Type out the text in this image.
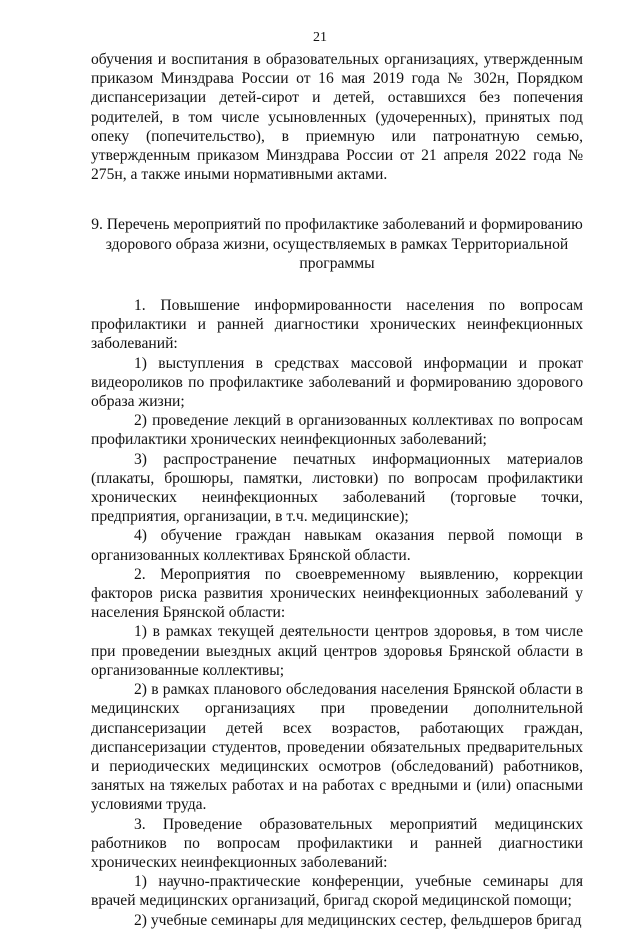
21

обучения и воспитания в образовательных организациях, утвержденным приказом Минздрава России от 16 мая 2019 года № 302н, Порядком диспансеризации детей-сирот и детей, оставшихся без попечения родителей, в том числе усыновленных (удочеренных), принятых под опеку (попечительство), в приемную или патронатную семью, утвержденным приказом Минздрава России от 21 апреля 2022 года № 275н, а также иными нормативными актами.

9. Перечень мероприятий по профилактике заболеваний и формированию
здорового образа жизни, осуществляемых в рамках Территориальной
программы

1. Повышение информированности населения по вопросам профилактики и ранней диагностики хронических неинфекционных заболеваний:

1) выступления в средствах массовой информации и прокат видеороликов по профилактике заболеваний и формированию здорового образа жизни;

2) проведение лекций в организованных коллективах по вопросам профилактики хронических неинфекционных заболеваний;

3) распространение печатных информационных материалов (плакаты, брошюры, памятки, листовки) по вопросам профилактики хронических неинфекционных заболеваний (торговые точки, предприятия, организации, в т.ч. медицинские);

4) обучение граждан навыкам оказания первой помощи в организованных коллективах Брянской области.

2. Мероприятия по своевременному выявлению, коррекции факторов риска развития хронических неинфекционных заболеваний у населения Брянской области:

1) в рамках текущей деятельности центров здоровья, в том числе при проведении выездных акций центров здоровья Брянской области в организованные коллективы;

2) в рамках планового обследования населения Брянской области в медицинских организациях при проведении дополнительной диспансеризации детей всех возрастов, работающих граждан, диспансеризации студентов, проведении обязательных предварительных и периодических медицинских осмотров (обследований) работников, занятых на тяжелых работах и на работах с вредными и (или) опасными условиями труда.

3. Проведение образовательных мероприятий медицинских работников по вопросам профилактики и ранней диагностики хронических неинфекционных заболеваний:

1) научно-практические конференции, учебные семинары для врачей медицинских организаций, бригад скорой медицинской помощи;

2) учебные семинары для медицинских сестер, фельдшеров бригад
